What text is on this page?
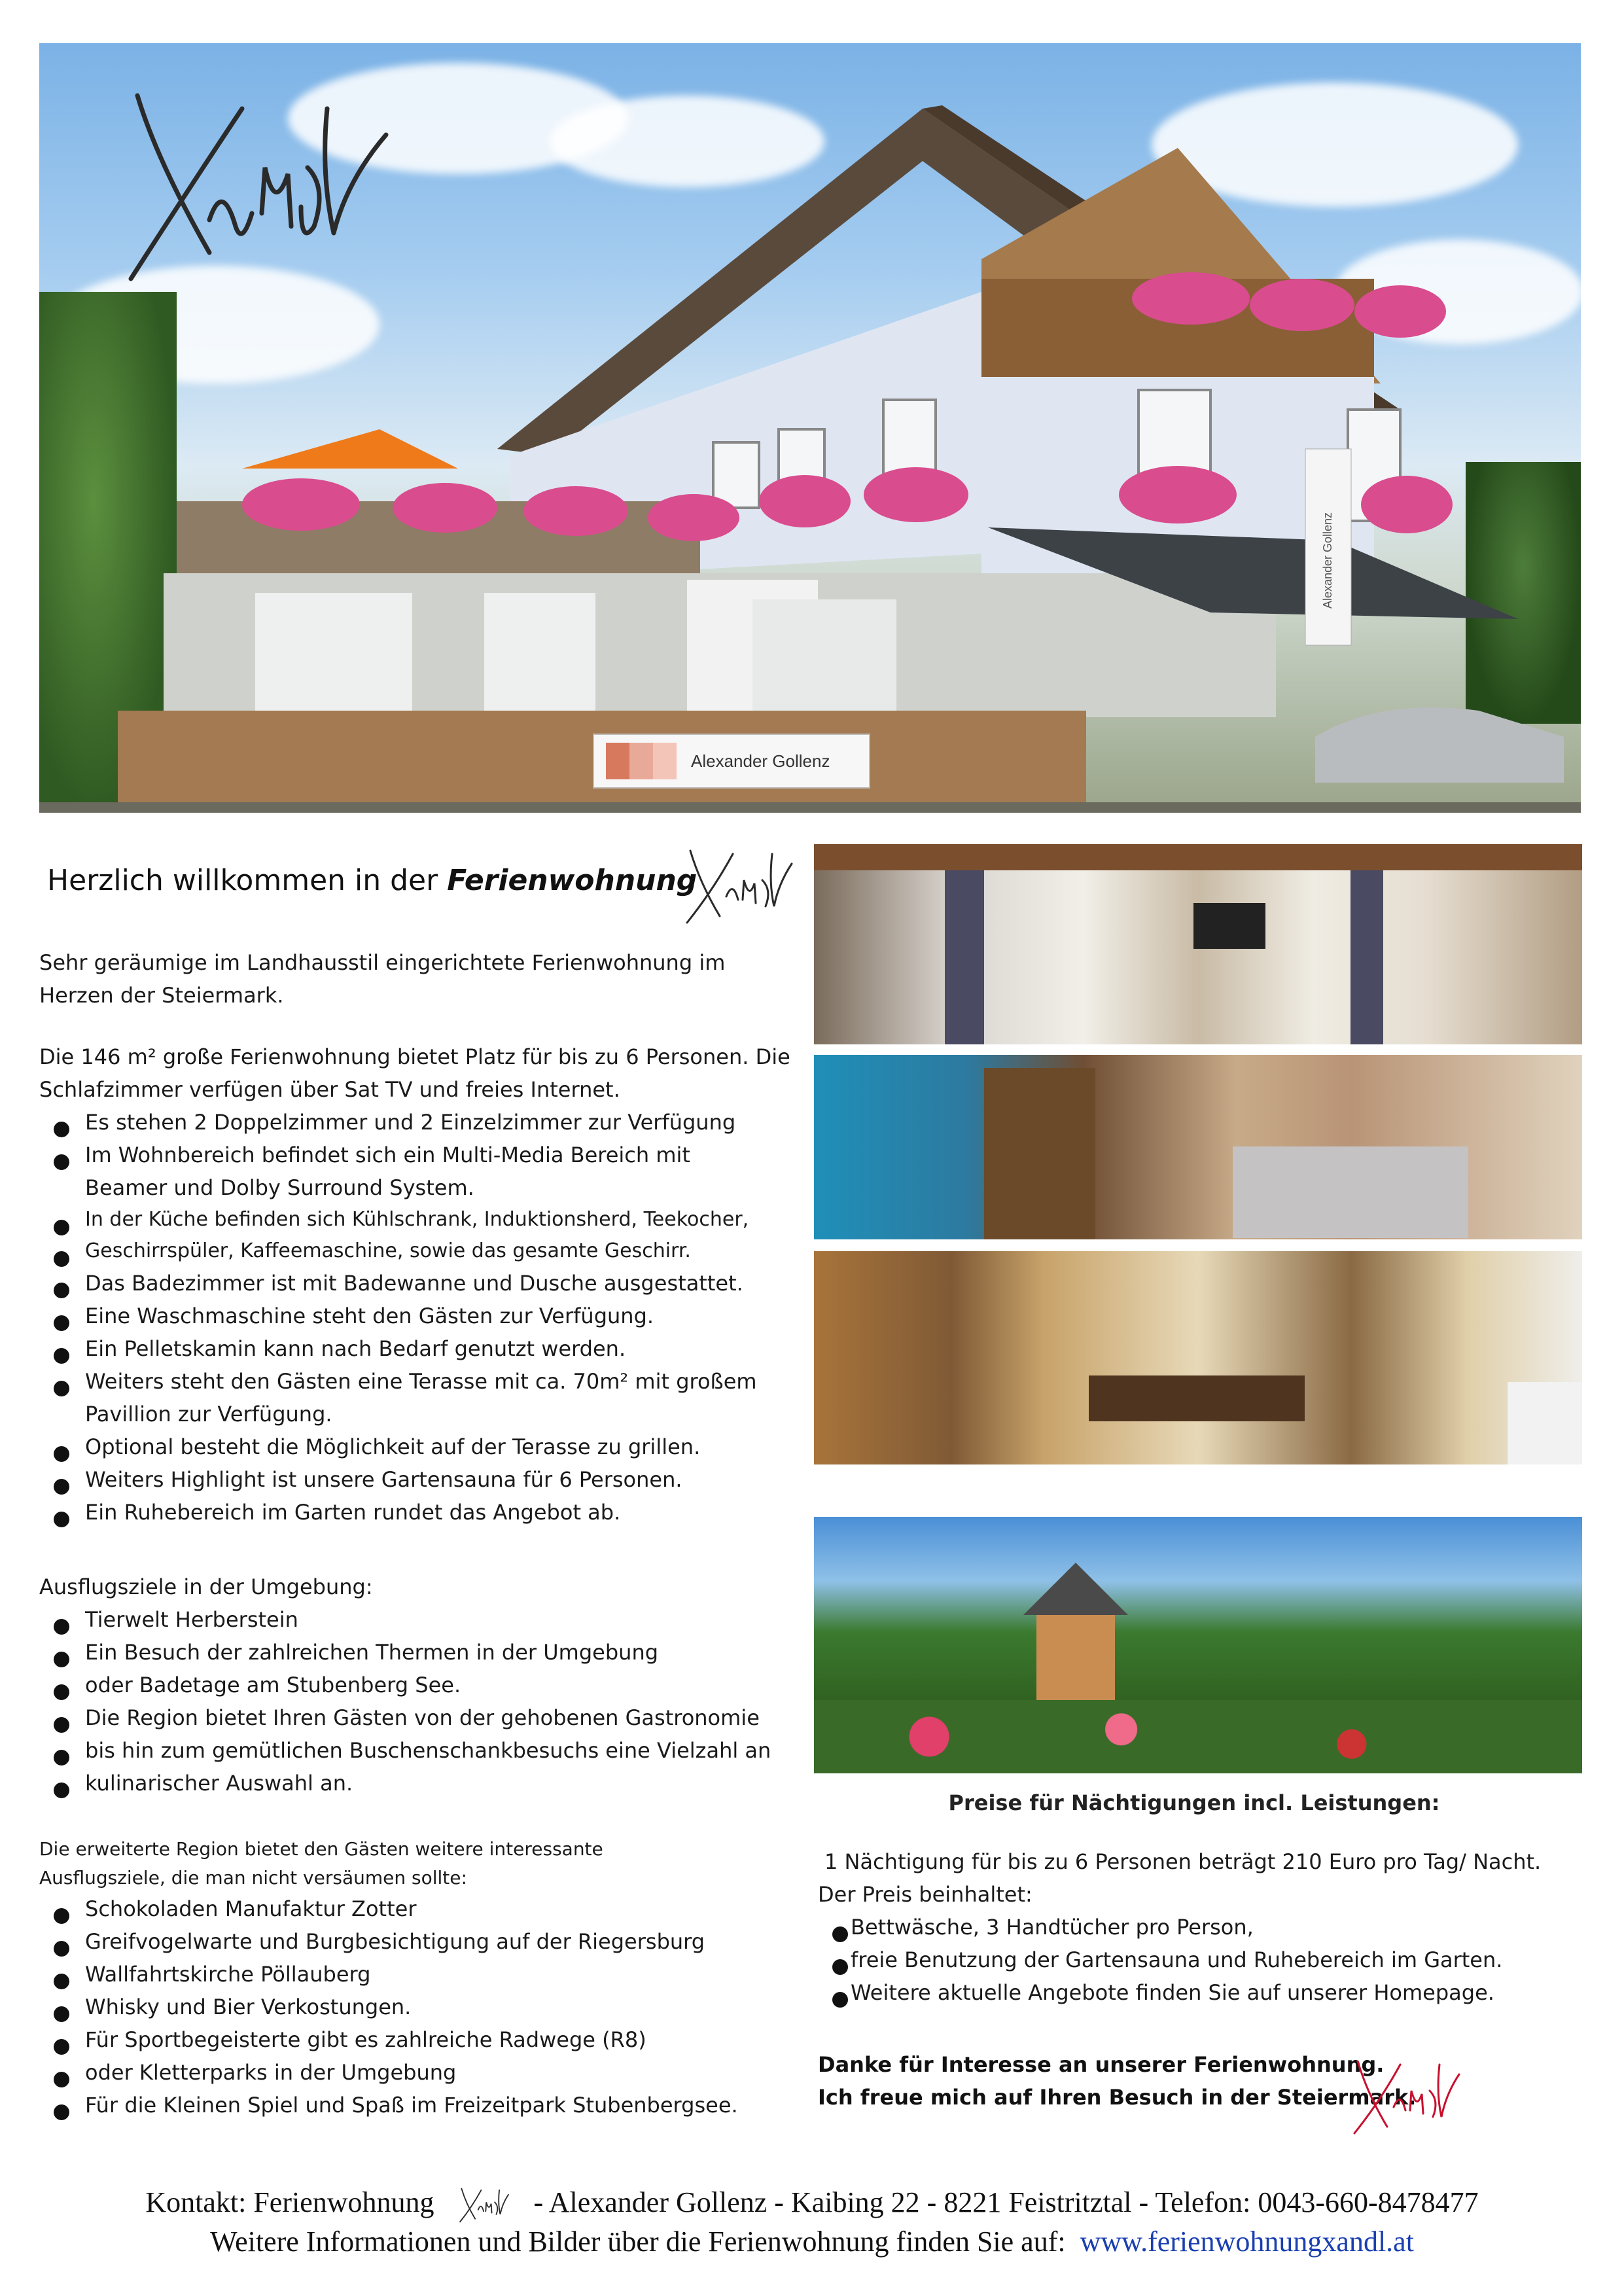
Alexander Gollenz
Alexander Gollenz
Herzlich willkommen in der Ferienwohnung
Sehr geräumige im Landhausstil eingerichtete Ferienwohnung im
Herzen der Steiermark.
Die 146 m² große Ferienwohnung bietet Platz für bis zu 6 Personen. Die
Schlafzimmer verfügen über Sat TV und freies Internet.
Es stehen 2 Doppelzimmer und 2 Einzelzimmer zur Verfügung
Im Wohnbereich befindet sich ein Multi-Media Bereich mit Beamer und Dolby Surround System.
In der Küche befinden sich Kühlschrank, Induktionsherd, Teekocher,
Geschirrspüler, Kaffeemaschine, sowie das gesamte Geschirr.
Das Badezimmer ist mit Badewanne und Dusche ausgestattet.
Eine Waschmaschine steht den Gästen zur Verfügung.
Ein Pelletskamin kann nach Bedarf genutzt werden.
Weiters steht den Gästen eine Terasse mit ca. 70m² mit großem Pavillion zur Verfügung.
Optional besteht die Möglichkeit auf der Terasse zu grillen.
Weiters Highlight ist unsere Gartensauna für 6 Personen.
Ein Ruhebereich im Garten rundet das Angebot ab.
Ausflugsziele in der Umgebung:
Tierwelt Herberstein
Ein Besuch der zahlreichen Thermen in der Umgebung
oder Badetage am Stubenberg See.
Die Region bietet Ihren Gästen von der gehobenen Gastronomie
bis hin zum gemütlichen Buschenschankbesuchs eine Vielzahl an
kulinarischer Auswahl an.
Die erweiterte Region bietet den Gästen weitere interessante
Ausflugsziele, die man nicht versäumen sollte:
Schokoladen Manufaktur Zotter
Greifvogelwarte und Burgbesichtigung auf der Riegersburg
Wallfahrtskirche Pöllauberg
Whisky und Bier Verkostungen.
Für Sportbegeisterte gibt es zahlreiche Radwege (R8)
oder Kletterparks in der Umgebung
Für die Kleinen Spiel und Spaß im Freizeitpark Stubenbergsee.
Preise für Nächtigungen incl. Leistungen:
1 Nächtigung für bis zu 6 Personen beträgt 210 Euro pro Tag/ Nacht.
Der Preis beinhaltet:
Bettwäsche, 3 Handtücher pro Person,
freie Benutzung der Gartensauna und Ruhebereich im Garten.
Weitere aktuelle Angebote finden Sie auf unserer Homepage.
Danke für Interesse an unserer Ferienwohnung.
Ich freue mich auf Ihren Besuch in der Steiermark.
Kontakt: Ferienwohnung	- Alexander Gollenz - Kaibing 22 - 8221 Feistritztal - Telefon: 0043-660-8478477
Weitere Informationen und Bilder über die Ferienwohnung finden Sie auf: www.ferienwohnungxandl.at
